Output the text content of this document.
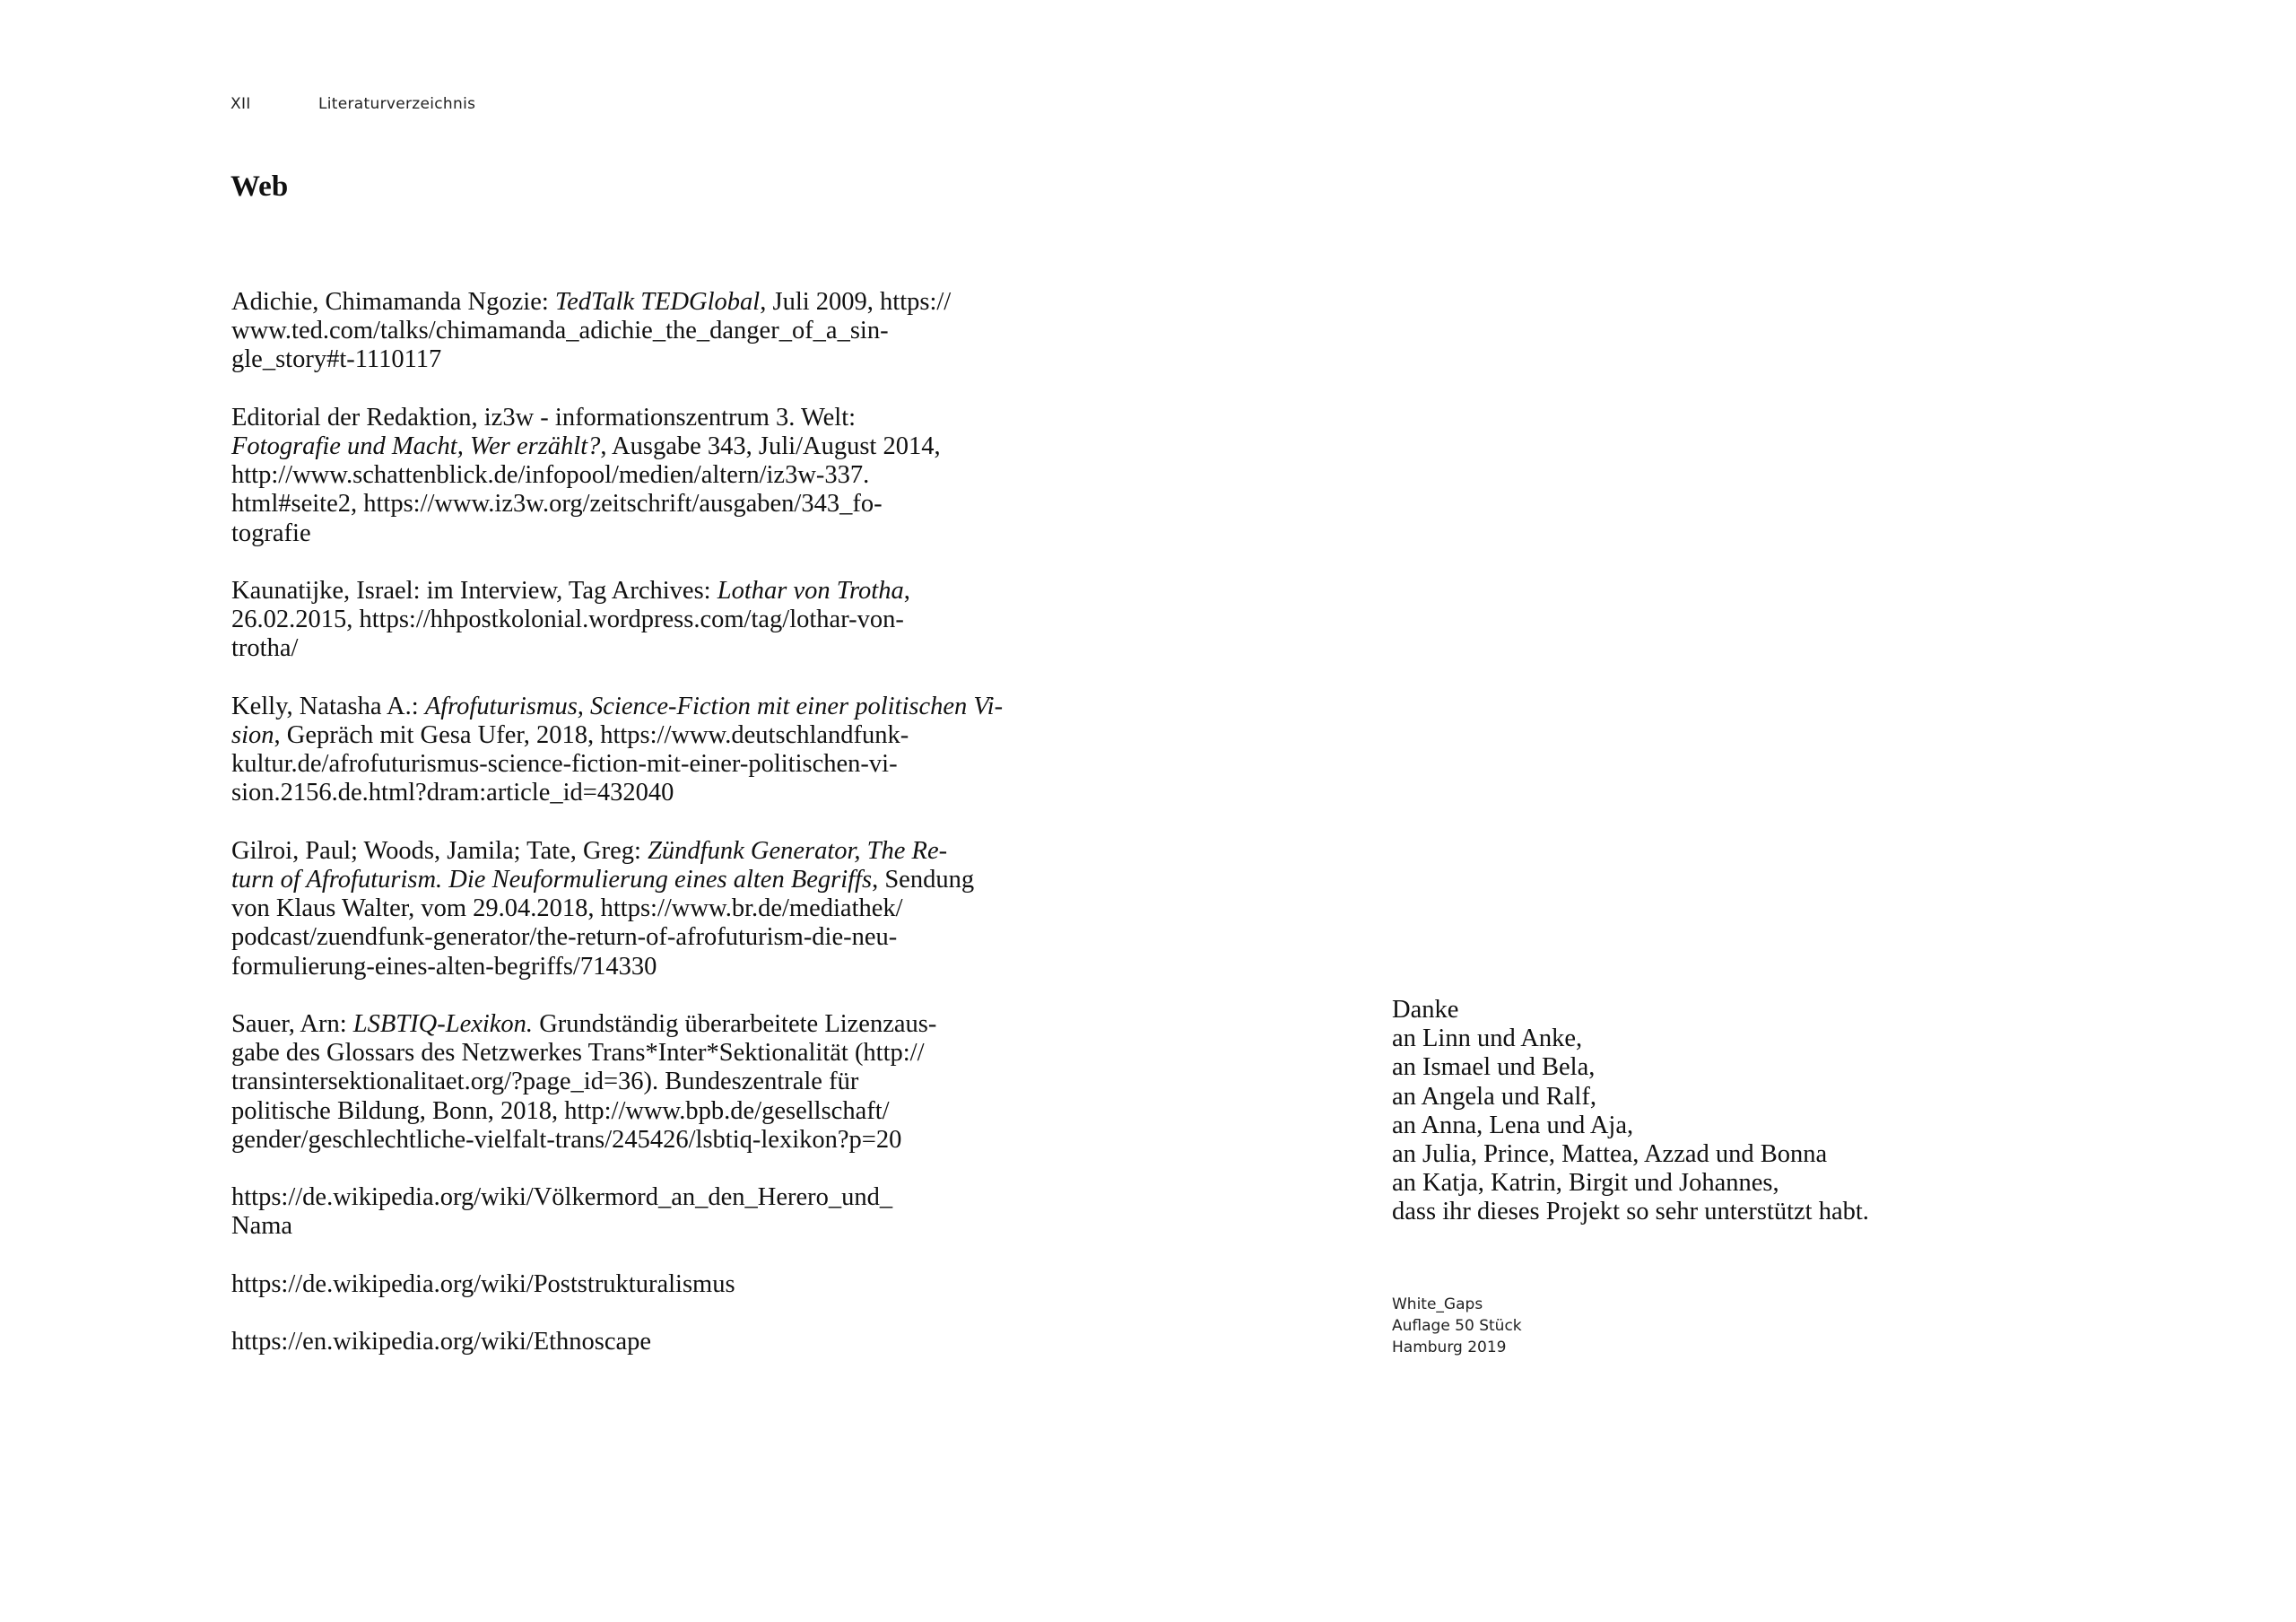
XII	Literaturverzeichnis
Web

Adichie, Chimamanda Ngozie: TedTalk TEDGlobal, Juli 2009, https://
www.ted.com/talks/chimamanda_adichie_the_danger_of_a_sin-
gle_story#t-1110117

Editorial der Redaktion, iz3w - informationszentrum 3. Welt:
Fotografie und Macht, Wer erzählt?, Ausgabe 343, Juli/August 2014,
http://www.schattenblick.de/infopool/medien/altern/iz3w-337.
html#seite2, https://www.iz3w.org/zeitschrift/ausgaben/343_fo-
tografie

Kaunatijke, Israel: im Interview, Tag Archives: Lothar von Trotha,
26.02.2015, https://hhpostkolonial.wordpress.com/tag/lothar-von-
trotha/

Kelly, Natasha A.: Afrofuturismus, Science-Fiction mit einer politischen Vi-
sion, Gepräch mit Gesa Ufer, 2018, https://www.deutschlandfunk-
kultur.de/afrofuturismus-science-fiction-mit-einer-politischen-vi-
sion.2156.de.html?dram:article_id=432040

Gilroi, Paul; Woods, Jamila; Tate, Greg: Zündfunk Generator, The Re-
turn of Afrofuturism. Die Neuformulierung eines alten Begriffs, Sendung
von Klaus Walter, vom 29.04.2018, https://www.br.de/mediathek/
podcast/zuendfunk-generator/the-return-of-afrofuturism-die-neu-
formulierung-eines-alten-begriffs/714330

Sauer, Arn: LSBTIQ-Lexikon. Grundständig überarbeitete Lizenzaus-
gabe des Glossars des Netzwerkes Trans*Inter*Sektionalität (http://
transintersektionalitaet.org/?page_id=36). Bundeszentrale für
politische Bildung, Bonn, 2018, http://www.bpb.de/gesellschaft/
gender/geschlechtliche-vielfalt-trans/245426/lsbtiq-lexikon?p=20

https://de.wikipedia.org/wiki/Völkermord_an_den_Herero_und_
Nama

https://de.wikipedia.org/wiki/Poststrukturalismus

https://en.wikipedia.org/wiki/Ethnoscape

Danke
an Linn und Anke,
an Ismael und Bela,
an Angela und Ralf,
an Anna, Lena und Aja,
an Julia, Prince, Mattea, Azzad und Bonna
an Katja, Katrin, Birgit und Johannes,
dass ihr dieses Projekt so sehr unterstützt habt.
White_Gaps
Auflage 50 Stück
Hamburg 2019
